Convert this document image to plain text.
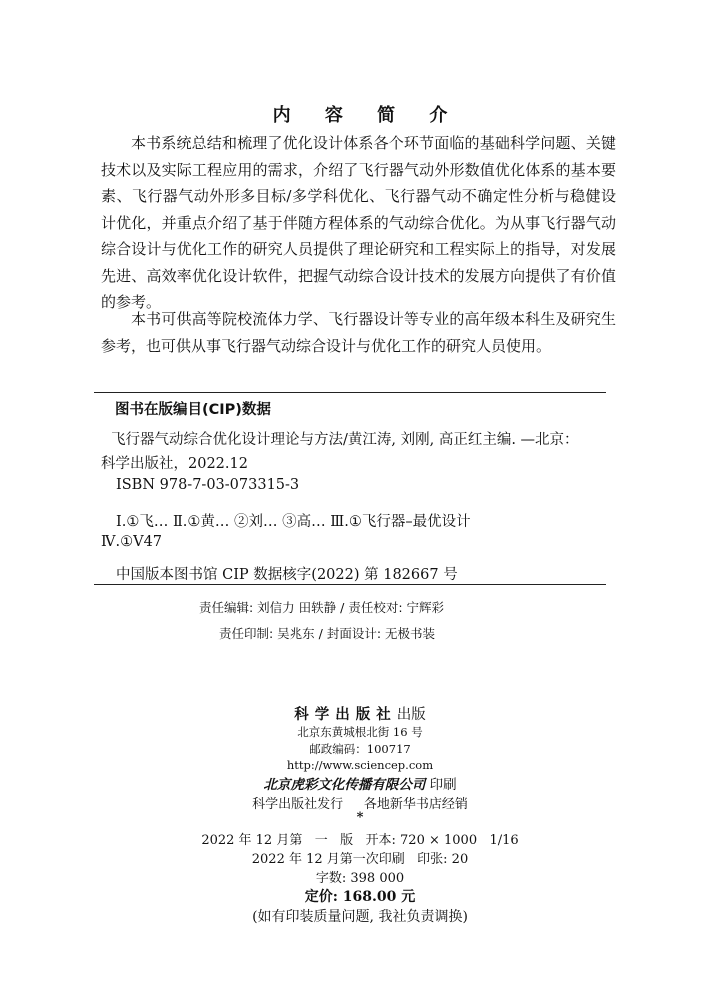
内 容 简 介

本书系统总结和梳理了优化设计体系各个环节面临的基础科学问题、关键技术以及实际工程应用的需求，介绍了飞行器气动外形数值优化体系的基本要素、飞行器气动外形多目标/多学科优化、飞行器气动不确定性分析与稳健设计优化，并重点介绍了基于伴随方程体系的气动综合优化。为从事飞行器气动综合设计与优化工作的研究人员提供了理论研究和工程实际上的指导，对发展先进、高效率优化设计软件，把握气动综合设计技术的发展方向提供了有价值的参考。

本书可供高等院校流体力学、飞行器设计等专业的高年级本科生及研究生参考，也可供从事飞行器气动综合设计与优化工作的研究人员使用。

图书在版编目(CIP)数据
飞行器气动综合优化设计理论与方法/黄江涛, 刘刚, 高正红主编. —北京：
科学出版社，2022.12
ISBN 978-7-03-073315-3
Ⅰ.①飞… Ⅱ.①黄… ②刘… ③高… Ⅲ.①飞行器–最优设计
Ⅳ.①V47
中国版本图书馆 CIP 数据核字(2022) 第 182667 号
责任编辑: 刘信力 田轶静 / 责任校对: 宁辉彩
责任印制: 吴兆东 / 封面设计: 无极书装
科学出版社出版
北京东黄城根北街 16 号
邮政编码：100717
http://www.sciencep.com
北京虎彩文化传播有限公司 印刷
科学出版社发行     各地新华书店经销
*
2022 年 12 月第   一   版   开本: 720 × 1000   1/16
2022 年 12 月第一次印刷   印张: 20
字数: 398 000
定价: 168.00 元
(如有印装质量问题, 我社负责调换)
